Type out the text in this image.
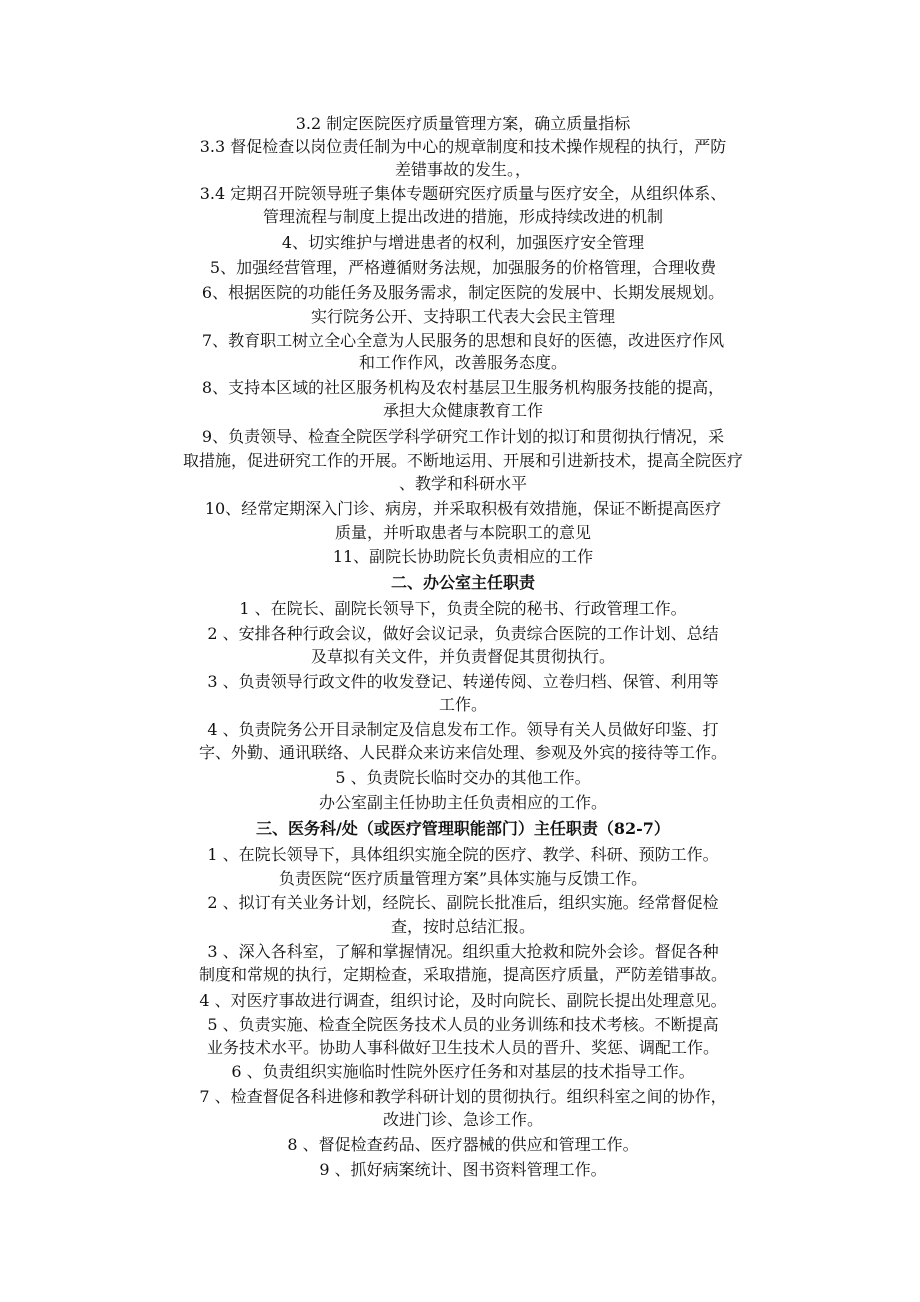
3.2 制定医院医疗质量管理方案，确立质量指标
3.3 督促检查以岗位责任制为中心的规章制度和技术操作规程的执行，严防
差错事故的发生。，
3.4 定期召开院领导班子集体专题研究医疗质量与医疗安全，从组织体系、
管理流程与制度上提出改进的措施，形成持续改进的机制
4、切实维护与增进患者的权利，加强医疗安全管理
5、加强经营管理，严格遵循财务法规，加强服务的价格管理，合理收费
6、根据医院的功能任务及服务需求，制定医院的发展中、长期发展规划。
实行院务公开、支持职工代表大会民主管理
7、教育职工树立全心全意为人民服务的思想和良好的医德，改进医疗作风
和工作作风，改善服务态度。
8、支持本区域的社区服务机构及农村基层卫生服务机构服务技能的提高，
承担大众健康教育工作
9、负责领导、检查全院医学科学研究工作计划的拟订和贯彻执行情况，采
取措施，促进研究工作的开展。不断地运用、开展和引进新技术，提高全院医疗
、教学和科研水平
10、经常定期深入门诊、病房，并采取积极有效措施，保证不断提高医疗
质量，并听取患者与本院职工的意见
11、副院长协助院长负责相应的工作
二、办公室主任职责
1 、在院长、副院长领导下，负责全院的秘书、行政管理工作。
2 、安排各种行政会议，做好会议记录，负责综合医院的工作计划、总结
及草拟有关文件，并负责督促其贯彻执行。
3 、负责领导行政文件的收发登记、转递传阅、立卷归档、保管、利用等
工作。
4 、负责院务公开目录制定及信息发布工作。领导有关人员做好印鉴、打
字、外勤、通讯联络、人民群众来访来信处理、参观及外宾的接待等工作。
5 、负责院长临时交办的其他工作。
办公室副主任协助主任负责相应的工作。
三、医务科/处（或医疗管理职能部门）主任职责（82-7）
1 、在院长领导下，具体组织实施全院的医疗、教学、科研、预防工作。
负责医院“医疗质量管理方案”具体实施与反馈工作。
2 、拟订有关业务计划，经院长、副院长批准后，组织实施。经常督促检
查，按时总结汇报。
3 、深入各科室，了解和掌握情况。组织重大抢救和院外会诊。督促各种
制度和常规的执行，定期检查，采取措施，提高医疗质量，严防差错事故。
4 、对医疗事故进行调查，组织讨论，及时向院长、副院长提出处理意见。
5 、负责实施、检查全院医务技术人员的业务训练和技术考核。不断提高
业务技术水平。协助人事科做好卫生技术人员的晋升、奖惩、调配工作。
6 、负责组织实施临时性院外医疗任务和对基层的技术指导工作。
7 、检查督促各科进修和教学科研计划的贯彻执行。组织科室之间的协作，
改进门诊、急诊工作。
8 、督促检查药品、医疗器械的供应和管理工作。
9 、抓好病案统计、图书资料管理工作。
